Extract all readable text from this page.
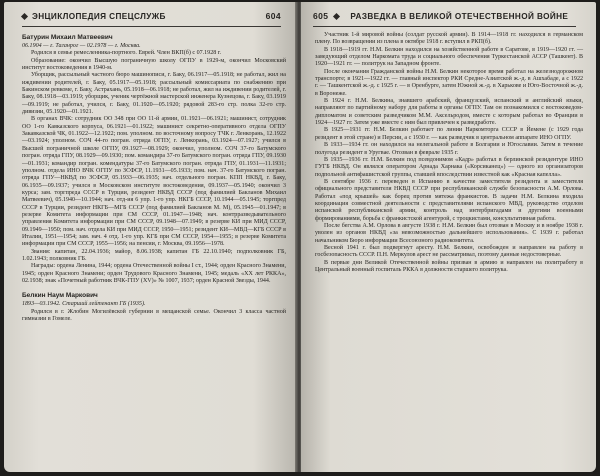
ЭНЦИКЛОПЕДИЯ СПЕЦСЛУЖБ	604
Батурин Михаил Матвеевич

06.1904 — г. Таганрог — 02.1978 — г. Москва.

Родился в семье ремесленника-портного. Еврей. Член ВКП(б) с 07.1928 г.

Образование: окончил Высшую пограничную школу ОГПУ в 1929-м, окончил Московский институт востоковедения в 1940-м.

Уборщик, рассыльный частного бюро машинописи, г. Баку, 06.1917—05.1918; не работал, жил на иждивении родителей, г. Баку, 05.1917—05.1918; рассыльный комиссариата по снабжению при Бакинском ревкоме, г. Баку, Астрахань, 05.1918—06.1918; не работал, жил на иждивении родителей, г. Баку, 08.1918—03.1919; уборщик, ученик чертёжной мастерской инженера Кузнецова, г. Баку, 03.1919—09.1919; не работал, учился, г. Баку, 01.1920—05.1920; рядовой 283-го стр. полка 32-го стр. дивизии, 05.1920—01.1921.

В органах ВЧК: сотрудник ОО 348 при ОО 11-й армии, 01.1921—06.1921; машинист, сотрудник ОО 1-го Кавказского корпуса, 06.1921—01.1922; машинист секретно-оперативного отдела ОГПУ Закавказской ЧК, 01.1922—12.1922; пом. уполном. по восточному вопросу ТЧК г. Ленкорань, 12.1922—03.1924; уполном. СОЧ 44-го погран. отряда ОГПУ, г. Ленкорань, 03.1924—07.1927; учился в Высшей пограничной школе ОГПУ, 09.1927—08.1929; окончил, уполном. СОЧ 37-го Батумского погран. отряда ГПУ, 08.1929—09.1930; пом. командира 37-го Батумского погран. отряда ГПУ, 09.1930—01.1931; командир погран. комендатуры 37-го Батумского погран. отряда ГПУ, 01.1931—11.1931; уполном. отдела ИНО ВЧК ОГПУ по ЗСФСР, 11.1931—05.1933; пом. нач. 37-го Батумского погран. отряда ГПУ—НКВД по ЗСФСР, 05.1933—06.1935; нач. отдельного погран. КПП НКВД, г. Баку, 06.1935—09.1937; учился в Московском институте востоковедения, 09.1937—05.1940; окончил 3 курса; зам. торгпреда СССР в Турции, резидент НКВД СССР (под фамилией Бакланов Михаил Матвеевич), 05.1940—10.1944; нач. отд-ия 6 упр. 1-го упр. НКГБ СССР, 10.1944—05.1945; торгпред СССР в Турции, резидент НКГБ—МГБ СССР (под фамилией Бакланов М. М), 05.1945—01.1947; в резерве Комитета информации при СМ СССР, 01.1947—1948; нач. контрразведывательного управления Комитета информации при СМ СССР, 09.1948—07.1949; в резерве КИ при МИД СССР, 09.1949—1950; пом. нач. отдела КИ при МИД СССР, 1950—1951; резидент КИ—МВД—КГБ СССР в Италии, 1951—1954; зам. нач. 4 отд. 1-го упр. КГБ при СМ СССР, 1954—1955; в резерве Комитета информации при СМ СССР, 1955—1956; на пенсии, г. Москва, 09.1956—1978.

Звания: капитан, 22.04.1936; майор, 8.06.1938; капитан ГБ 22.10.1940; подполковник ГБ, 1.02.1943; полковник ГБ.

Награды: ордена Ленина, 1944; ордена Отечественной войны I ст., 1944; орден Красного Знамени, 1945; орден Красного Знамени; орден Трудового Красного Знамени, 1945; медаль «XX лет РККА», 02.1938; знак «Почетный работник ВЧК-ГПУ (XV)» № 1007, 1937; орден Красной Звезды, 1944.

Белкин Наум Маркович

1893—03.1942. Старший лейтенант ГБ (1935).

Родился в г. Жлобин Могилёвской губернии в мещанской семье. Окончил 3 класса частной гимназии в Гомеле.

605	РАЗВЕДКА В ВЕЛИКОЙ ОТЕЧЕСТВЕННОЙ ВОЙНЕ

Участник 1-й мировой войны (солдат русской армии). В 1914—1918 гг. находился в германском плену. По возвращении из плена в октябре 1918 г. вступил в РКП(б).

В 1918—1919 гг. Н.М. Белкин находился на хозяйственной работе в Саратове, в 1919—1920 гг. — заведующий отделом Наркомата труда и социального обеспечения Туркестанской АССР (Ташкент). В 1920—1921 гг. — политрук на Западном фронте.

После окончания Гражданской войны Н.М. Белкин некоторое время работал на железнодорожном транспорте; в 1921—1922 гг. — главный инспектор РКИ Средне-Азиатской ж.-д. в Ашхабаде, а с 1922 г. — Ташкентской ж.-д. с 1925 г. — в Оренбурге, затем Южной ж.-д. в Харькове и Юго-Восточной ж.-д. в Воронеже.

В 1924 г. Н.М. Белкина, знавшего арабский, французский, испанский и английский языки, направляют по партийному набору для работы в органы ОГПУ. Там он познакомился с востоковедом-дипломатом и советским разведчиком М.М. Аксельродом, вместе с которым работал во Франции в 1924—1927 гг. Затем уже вместе с ним был привлечен к разведработе.

В 1925—1931 гг. Н.М. Белкин работает по линии Наркомторга СССР в Йемене (с 1929 года резидент в этой стране) и Персии, а с 1930 г. — как разведчик в центральном аппарате ИНО ОГПУ.

В 1933—1934 гг. он находился на нелегальной работе в Болгарии и Югославии. Затем в течение полугода резидент в Уругвае. Отозван в феврале 1935 г.

В 1935—1936 гг. Н.М. Белкин под псевдонимом «Кадр» работал в берлинской резидентуре ИНО ГУГБ НКВД. Он являлся оператором Арнада Харнака («Корсиканец») — одного из организаторов подпольной антифашистской группы, ставшей впоследствии известной как «Красная капелла».

В сентябре 1936 г. переведен в Испанию в качестве заместителя резидента и заместителя официального представителя НКВД СССР при республиканской службе безопасности А.М. Орлова. Работал «под крышей» как борец против мятежа франкистов. В задачи Н.М. Белкина входила координация совместной деятельности с представителями испанского МВД, руководство отделом испанской республиканской армии, контроль над интербригадами и другими военными формированиями, борьба с франкистской агентурой, с троцкистами, консультативная работа.

После бегства А.М. Орлова в августе 1938 г. Н.М. Белкин был отозван в Москву и в ноябре 1938 г. уволен из органов НКВД «за невозможностью дальнейшего использования». С 1939 г. работал начальником Бюро информации Всесоюзного радиокомитета.

Весной 1941 г. был подвергнут аресту. Н.М. Белкин, освобожден и направлен на работу в госбезопасность СССР. П.Н. Меркулов арест не рассматривал, поэтому данные недостоверные.

В первые дни Великой Отечественной войны призван в армию и направлен на политработу в Центральный военный госпиталь РККА в должности старшего политрука.
